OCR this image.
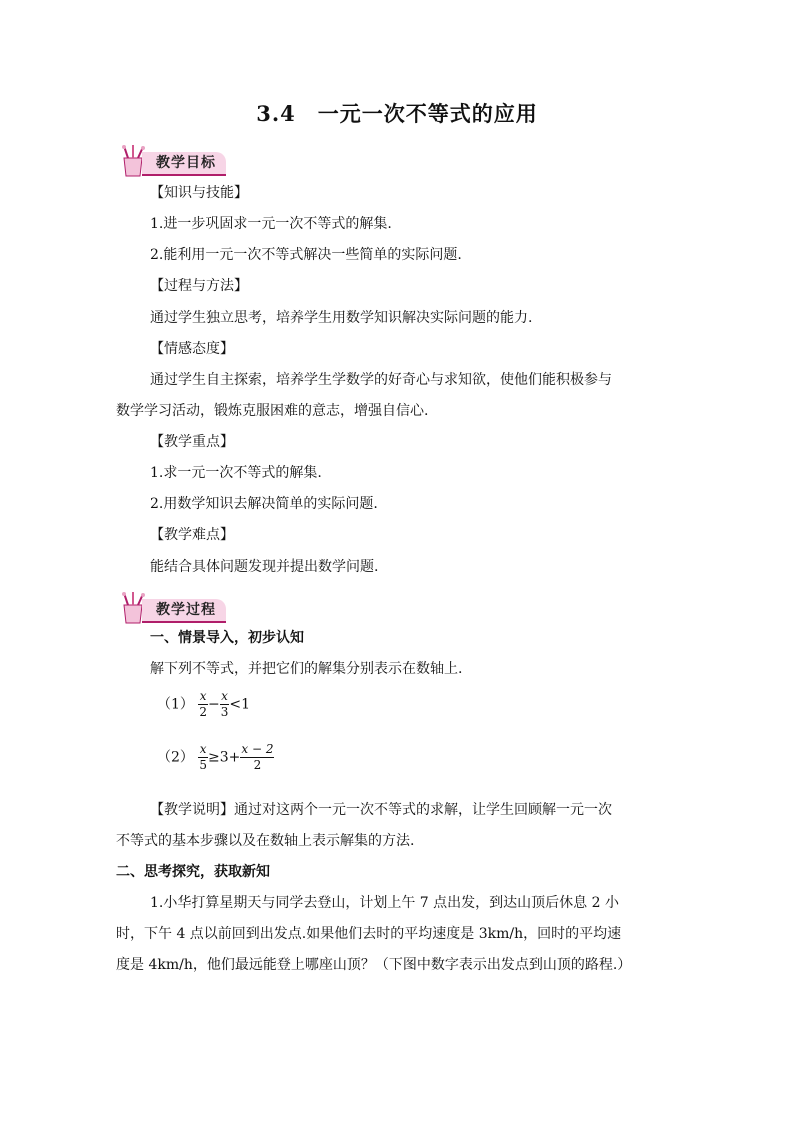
3.4 一元一次不等式的应用
教学目标
【知识与技能】
1.进一步巩固求一元一次不等式的解集.
2.能利用一元一次不等式解决一些简单的实际问题.
【过程与方法】
通过学生独立思考，培养学生用数学知识解决实际问题的能力.
【情感态度】
通过学生自主探索，培养学生学数学的好奇心与求知欲，使他们能积极参与
数学学习活动，锻炼克服困难的意志，增强自信心.
【教学重点】
1.求一元一次不等式的解集.
2.用数学知识去解决简单的实际问题.
【教学难点】
能结合具体问题发现并提出数学问题.
教学过程
一、情景导入，初步认知
解下列不等式，并把它们的解集分别表示在数轴上.
$(1) \frac{x}{2} - \frac{x}{3} <1$
$(2) \frac{x}{5} \ge 3+ \frac{x - 2}{2}$
【教学说明】通过对这两个一元一次不等式的求解，让学生回顾解一元一次
不等式的基本步骤以及在数轴上表示解集的方法.
二、思考探究，获取新知
1.小华打算星期天与同学去登山，计划上午 7 点出发，到达山顶后休息 2 小
时，下午 4 点以前回到出发点.如果他们去时的平均速度是 3km/h，回时的平均速
度是 4km/h，他们最远能登上哪座山顶？（下图中数字表示出发点到山顶的路程.）
